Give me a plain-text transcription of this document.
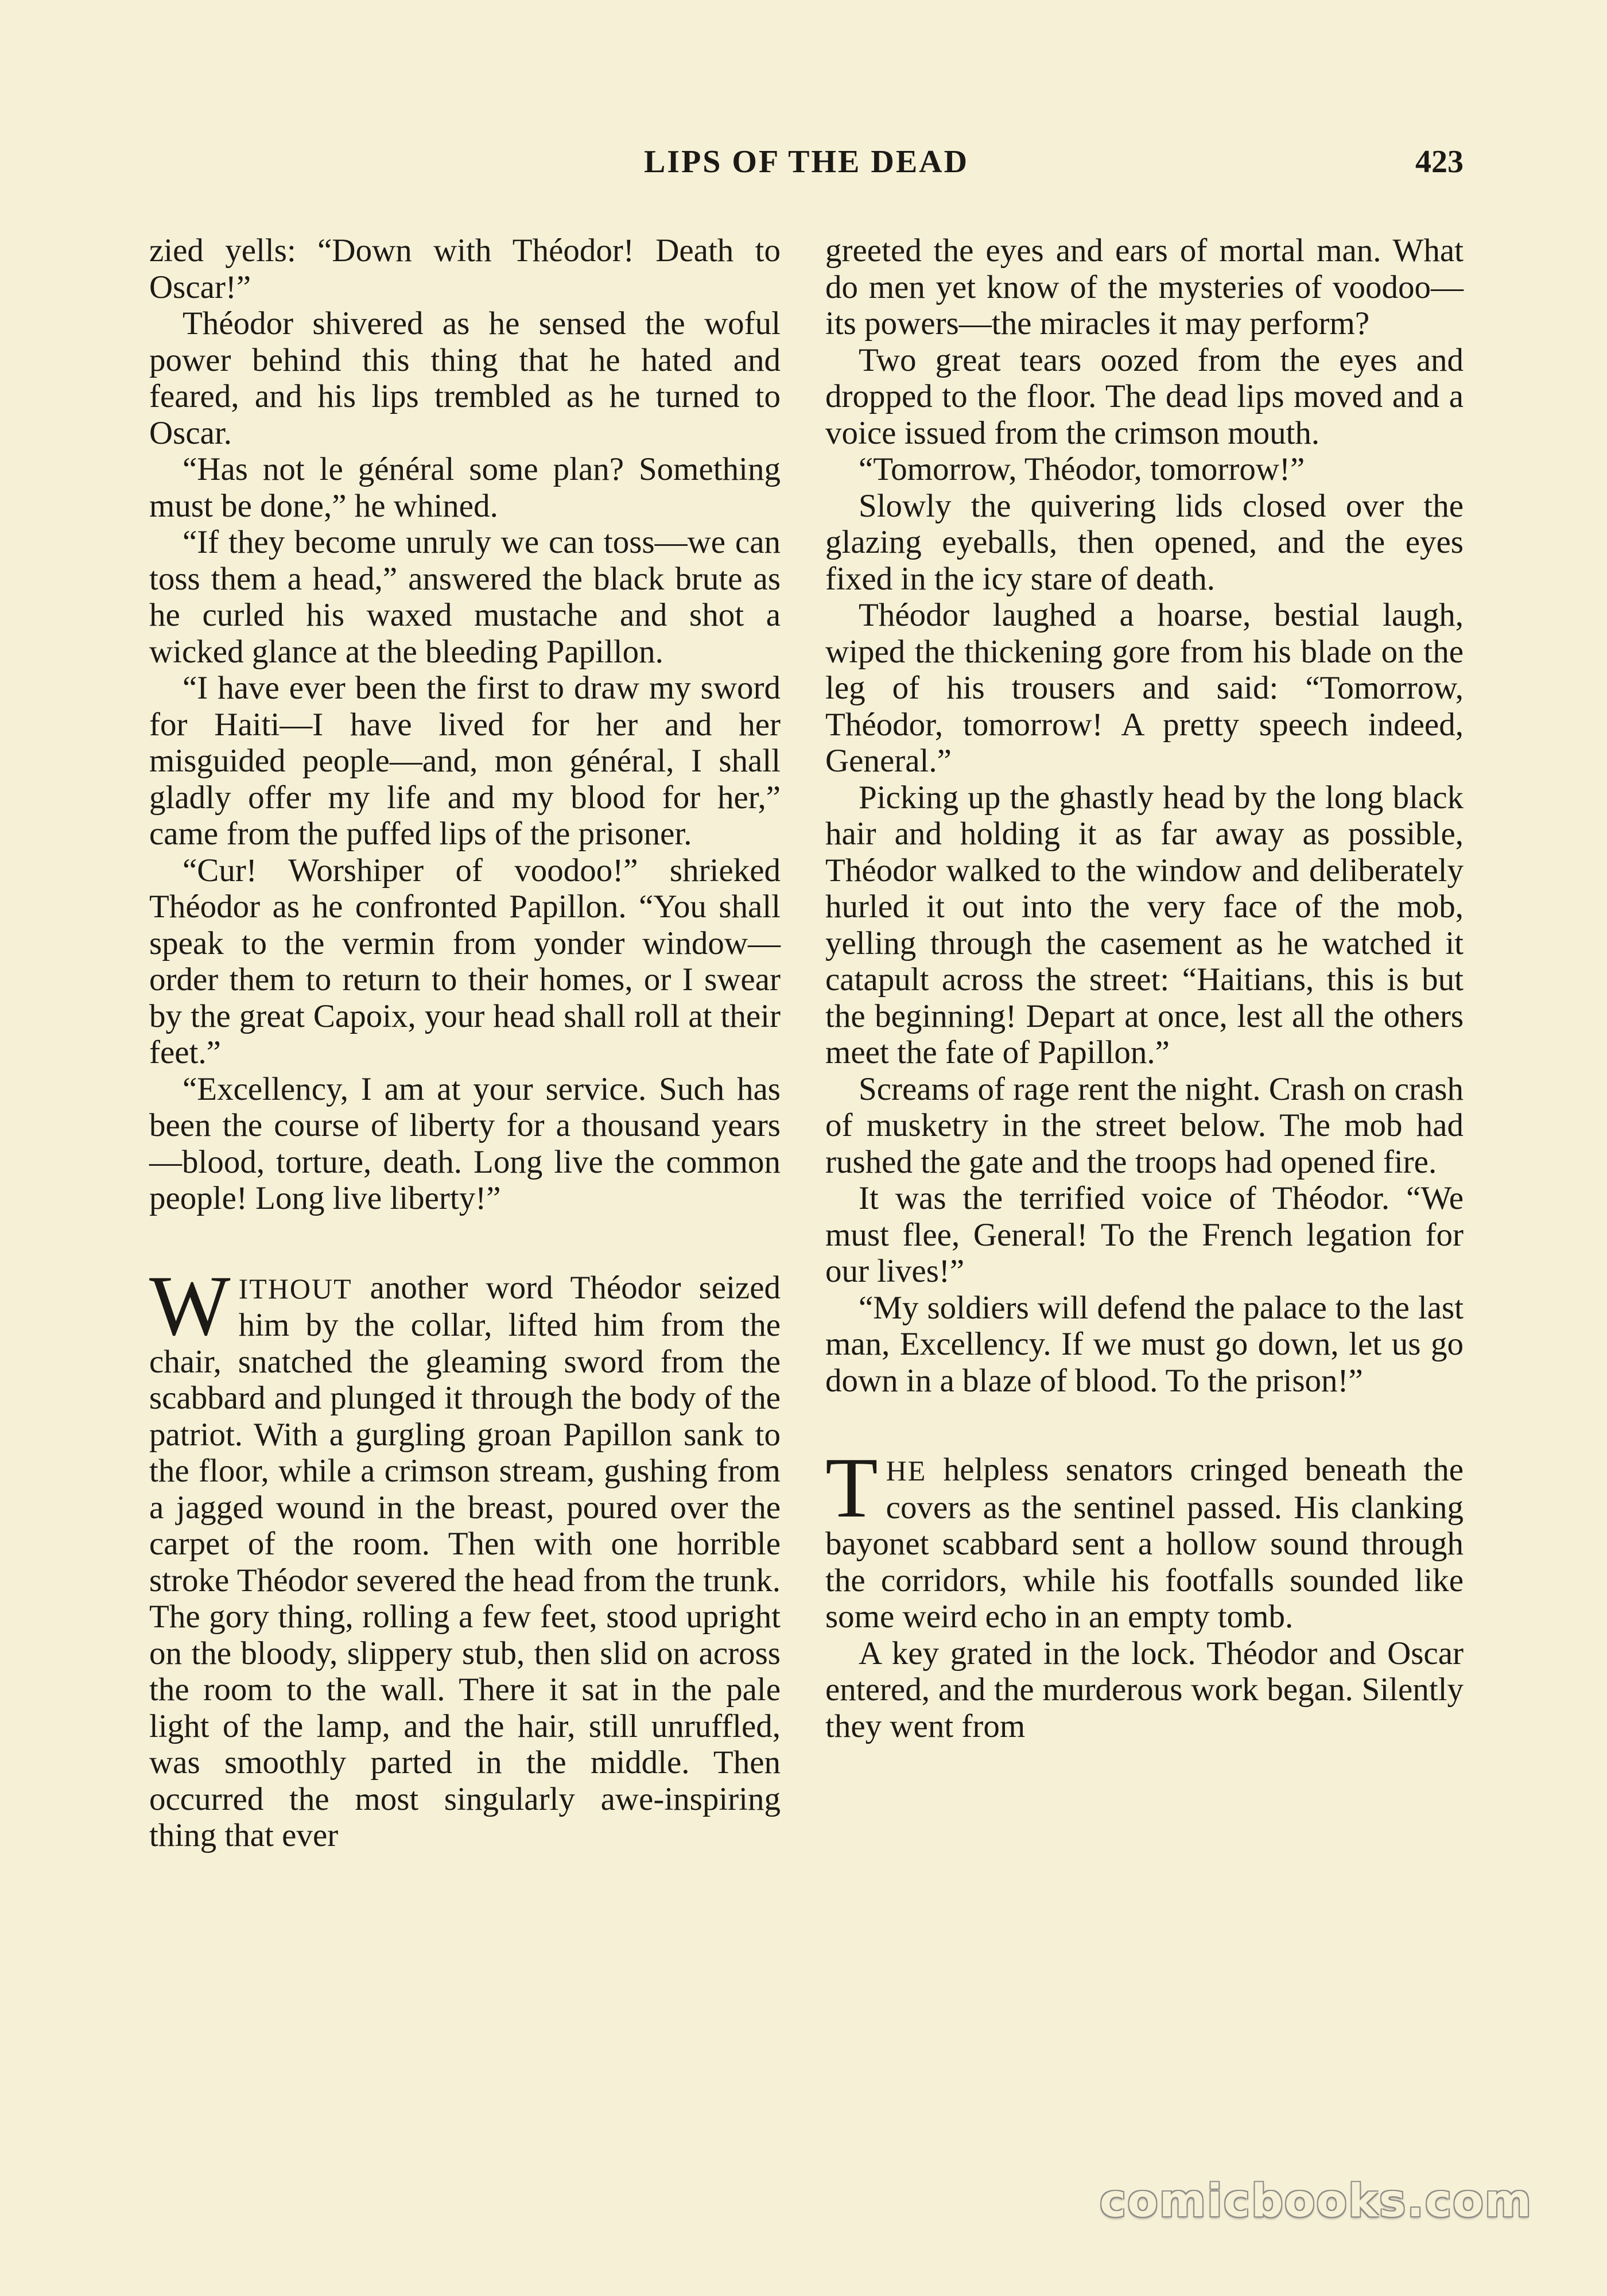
LIPS OF THE DEAD	423

zied yells: “Down with Théodor! Death to Oscar!”

Théodor shivered as he sensed the woful power behind this thing that he hated and feared, and his lips trembled as he turned to Oscar.

“Has not le général some plan? Something must be done,” he whined.

“If they become unruly we can toss—we can toss them a head,” answered the black brute as he curled his waxed mustache and shot a wicked glance at the bleeding Papillon.

“I have ever been the first to draw my sword for Haiti—I have lived for her and her misguided people—and, mon général, I shall gladly offer my life and my blood for her,” came from the puffed lips of the prisoner.

“Cur! Worshiper of voodoo!” shrieked Théodor as he confronted Papillon. “You shall speak to the vermin from yonder window—order them to return to their homes, or I swear by the great Capoix, your head shall roll at their feet.”

“Excellency, I am at your service. Such has been the course of liberty for a thousand years—blood, torture, death. Long live the common people! Long live liberty!”

WITHOUT another word Théodor seized him by the collar, lifted him from the chair, snatched the gleaming sword from the scabbard and plunged it through the body of the patriot. With a gurgling groan Papillon sank to the floor, while a crimson stream, gushing from a jagged wound in the breast, poured over the carpet of the room. Then with one horrible stroke Théodor severed the head from the trunk. The gory thing, rolling a few feet, stood upright on the bloody, slippery stub, then slid on across the room to the wall. There it sat in the pale light of the lamp, and the hair, still unruffled, was smoothly parted in the middle. Then occurred the most singularly awe-inspiring thing that ever

greeted the eyes and ears of mortal man. What do men yet know of the mysteries of voodoo—its powers—the miracles it may perform?

Two great tears oozed from the eyes and dropped to the floor. The dead lips moved and a voice issued from the crimson mouth.

“Tomorrow, Théodor, tomorrow!”

Slowly the quivering lids closed over the glazing eyeballs, then opened, and the eyes fixed in the icy stare of death.

Théodor laughed a hoarse, bestial laugh, wiped the thickening gore from his blade on the leg of his trousers and said: “Tomorrow, Théodor, tomorrow! A pretty speech indeed, General.”

Picking up the ghastly head by the long black hair and holding it as far away as possible, Théodor walked to the window and deliberately hurled it out into the very face of the mob, yelling through the casement as he watched it catapult across the street: “Haitians, this is but the beginning! Depart at once, lest all the others meet the fate of Papillon.”

Screams of rage rent the night. Crash on crash of musketry in the street below. The mob had rushed the gate and the troops had opened fire.

It was the terrified voice of Théodor. “We must flee, General! To the French legation for our lives!”

“My soldiers will defend the palace to the last man, Excellency. If we must go down, let us go down in a blaze of blood. To the prison!”

THE helpless senators cringed beneath the covers as the sentinel passed. His clanking bayonet scabbard sent a hollow sound through the corridors, while his footfalls sounded like some weird echo in an empty tomb.

A key grated in the lock. Théodor and Oscar entered, and the murderous work began. Silently they went from

comicbooks.com
